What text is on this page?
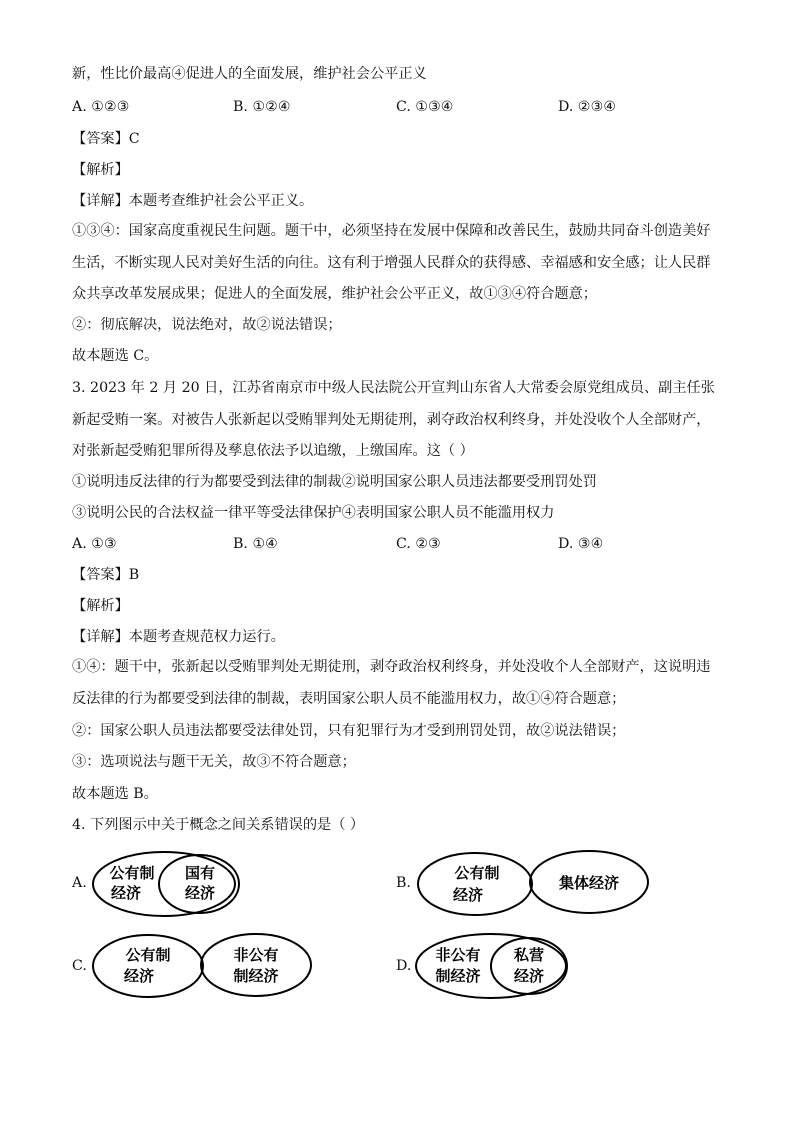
新，性比价最高④促进人的全面发展，维护社会公平正义
A. ①②③	B. ①②④	C. ①③④	D. ②③④
【答案】C
【解析】
【详解】本题考查维护社会公平正义。
①③④：国家高度重视民生问题。题干中，必须坚持在发展中保障和改善民生，鼓励共同奋斗创造美好生活，不断实现人民对美好生活的向往。这有利于增强人民群众的获得感、幸福感和安全感；让人民群众共享改革发展成果；促进人的全面发展，维护社会公平正义，故①③④符合题意；
②：彻底解决，说法绝对，故②说法错误；
故本题选 C。
3. 2023 年 2 月 20 日，江苏省南京市中级人民法院公开宣判山东省人大常委会原党组成员、副主任张新起受贿一案。对被告人张新起以受贿罪判处无期徒刑，剥夺政治权利终身，并处没收个人全部财产，对张新起受贿犯罪所得及孳息依法予以追缴，上缴国库。这（ ）
①说明违反法律的行为都要受到法律的制裁②说明国家公职人员违法都要受刑罚处罚
③说明公民的合法权益一律平等受法律保护④表明国家公职人员不能滥用权力
A. ①③	B. ①④	C. ②③	D. ③④
【答案】B
【解析】
【详解】本题考查规范权力运行。
①④：题干中，张新起以受贿罪判处无期徒刑，剥夺政治权利终身，并处没收个人全部财产，这说明违反法律的行为都要受到法律的制裁，表明国家公职人员不能滥用权力，故①④符合题意；
②：国家公职人员违法都要受法律处罚，只有犯罪行为才受到刑罚处罚，故②说法错误；
③：选项说法与题干无关，故③不符合题意；
故本题选 B。
4. 下列图示中关于概念之间关系错误的是（ ）
A.
公有制
经济
国有
经济
B.
公有制
经济
集体经济
C.
公有制
经济
非公有
制经济
D.
非公有
制经济
私营
经济
